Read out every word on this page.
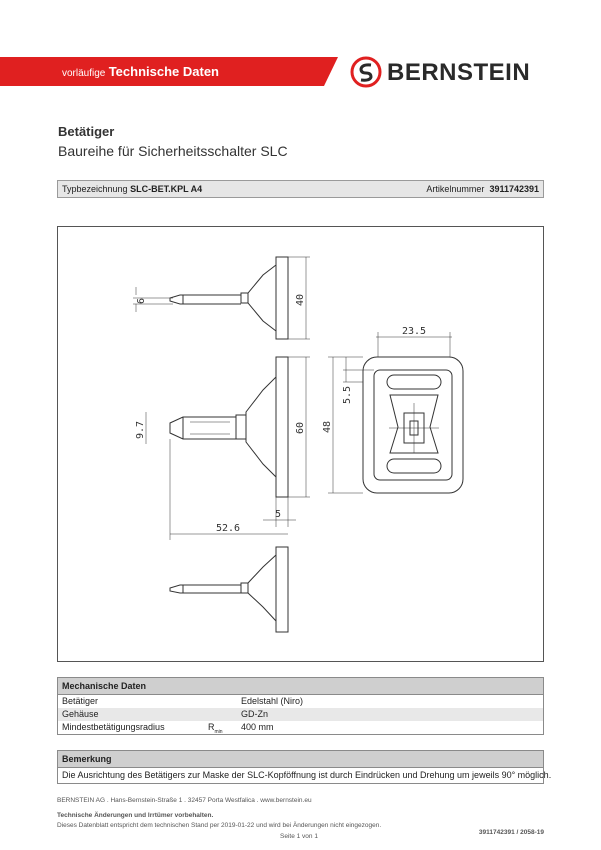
vorläufige Technische Daten	BERNSTEIN
Betätiger
Baureihe für Sicherheitsschalter SLC
Typbezeichnung SLC-BET.KPL A4	Artikelnummer 3911742391
6	40
9.7	60
5
52.6
23.5
5.5
48
Mechanische Daten
Betätiger	Edelstahl (Niro)
Gehäuse	GD-Zn
Mindestbetätigungsradius	$R_{min}$ 400 mm
Bemerkung
Die Ausrichtung des Betätigers zur Maske der SLC-Kopföffnung ist durch Eindrücken und Drehung um jeweils 90° möglich.
BERNSTEIN AG . Hans-Bernstein-Straße 1 . 32457 Porta Westfalica . www.bernstein.eu
Technische Änderungen und Irrtümer vorbehalten.
Dieses Datenblatt entspricht dem technischen Stand per 2019-01-22 und wird bei Änderungen nicht eingezogen.
Seite 1 von 1
3911742391 / 2058-19
